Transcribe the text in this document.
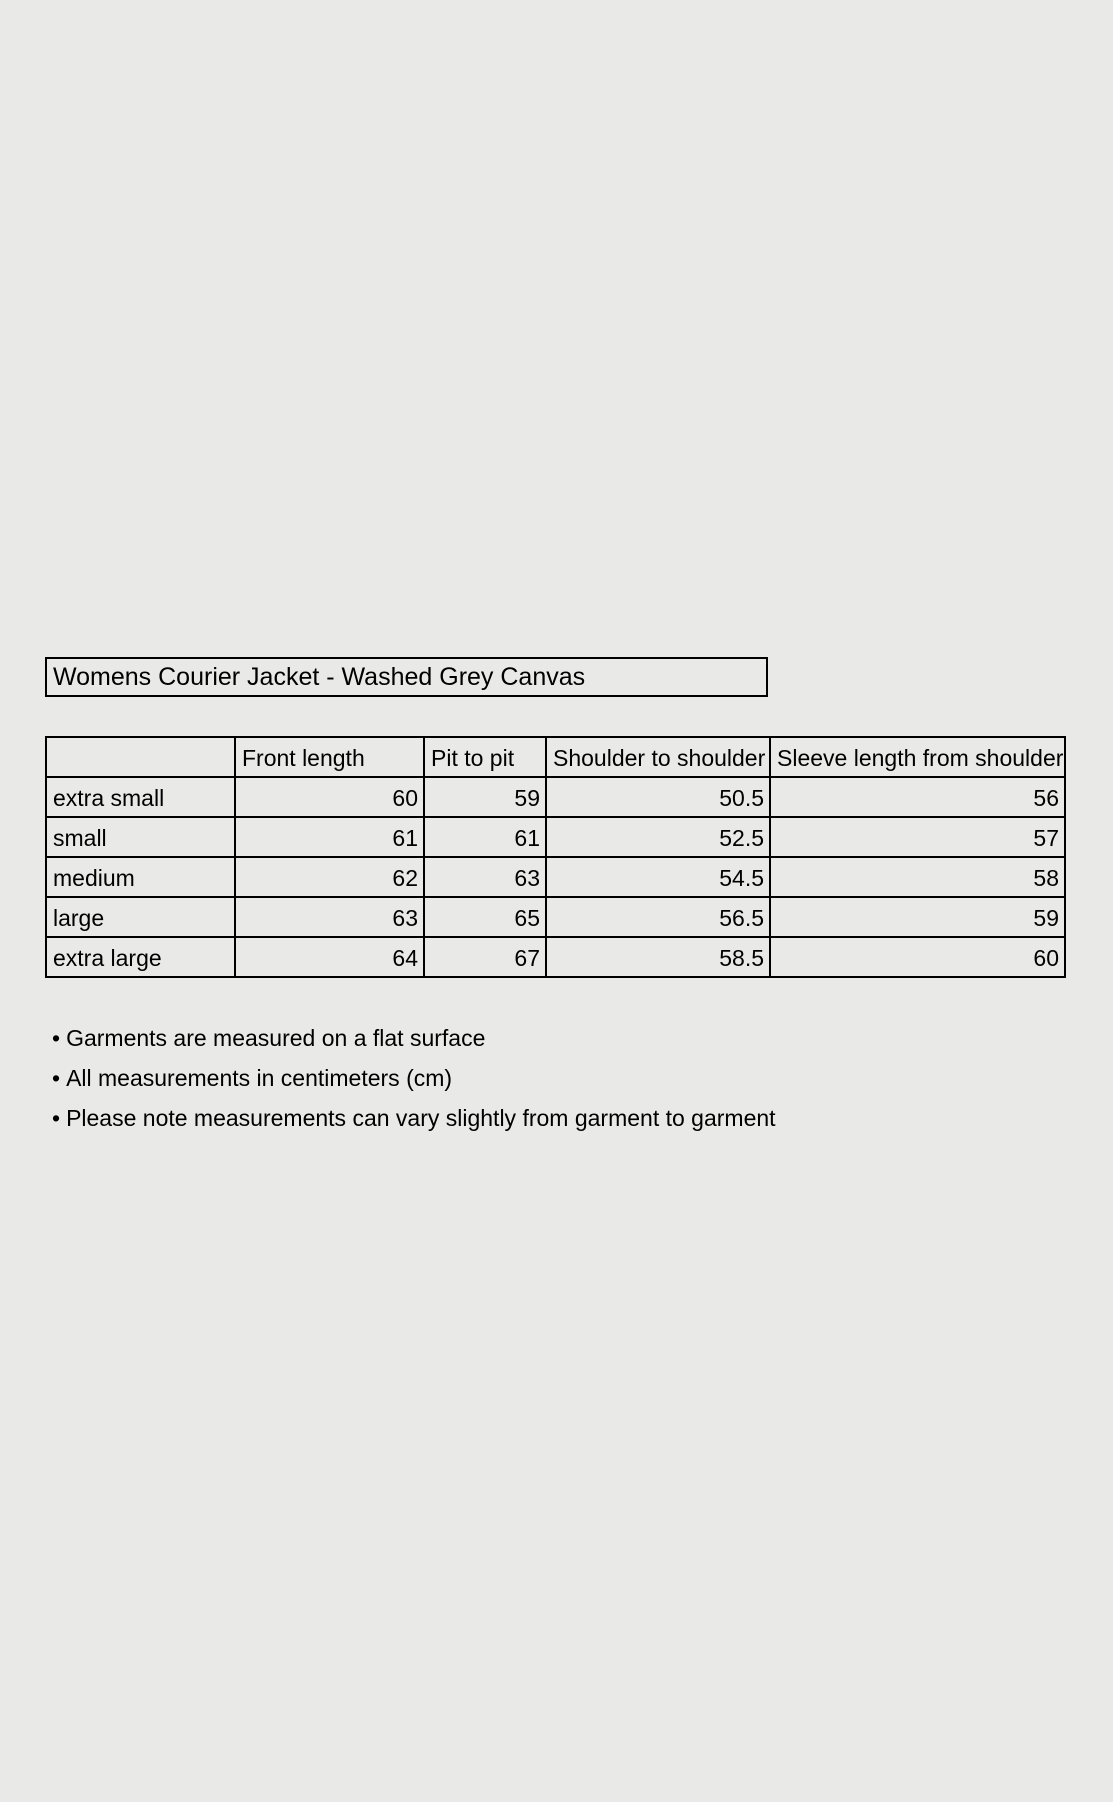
Womens Courier Jacket - Washed Grey Canvas
	Front length	Pit to pit	Shoulder to shoulder	Sleeve length from shoulder
extra small	60	59	50.5	56
small	61	61	52.5	57
medium	62	63	54.5	58
large	63	65	56.5	59
extra large	64	67	58.5	60
• Garments are measured on a flat surface
• All measurements in centimeters (cm)
• Please note measurements can vary slightly from garment to garment
